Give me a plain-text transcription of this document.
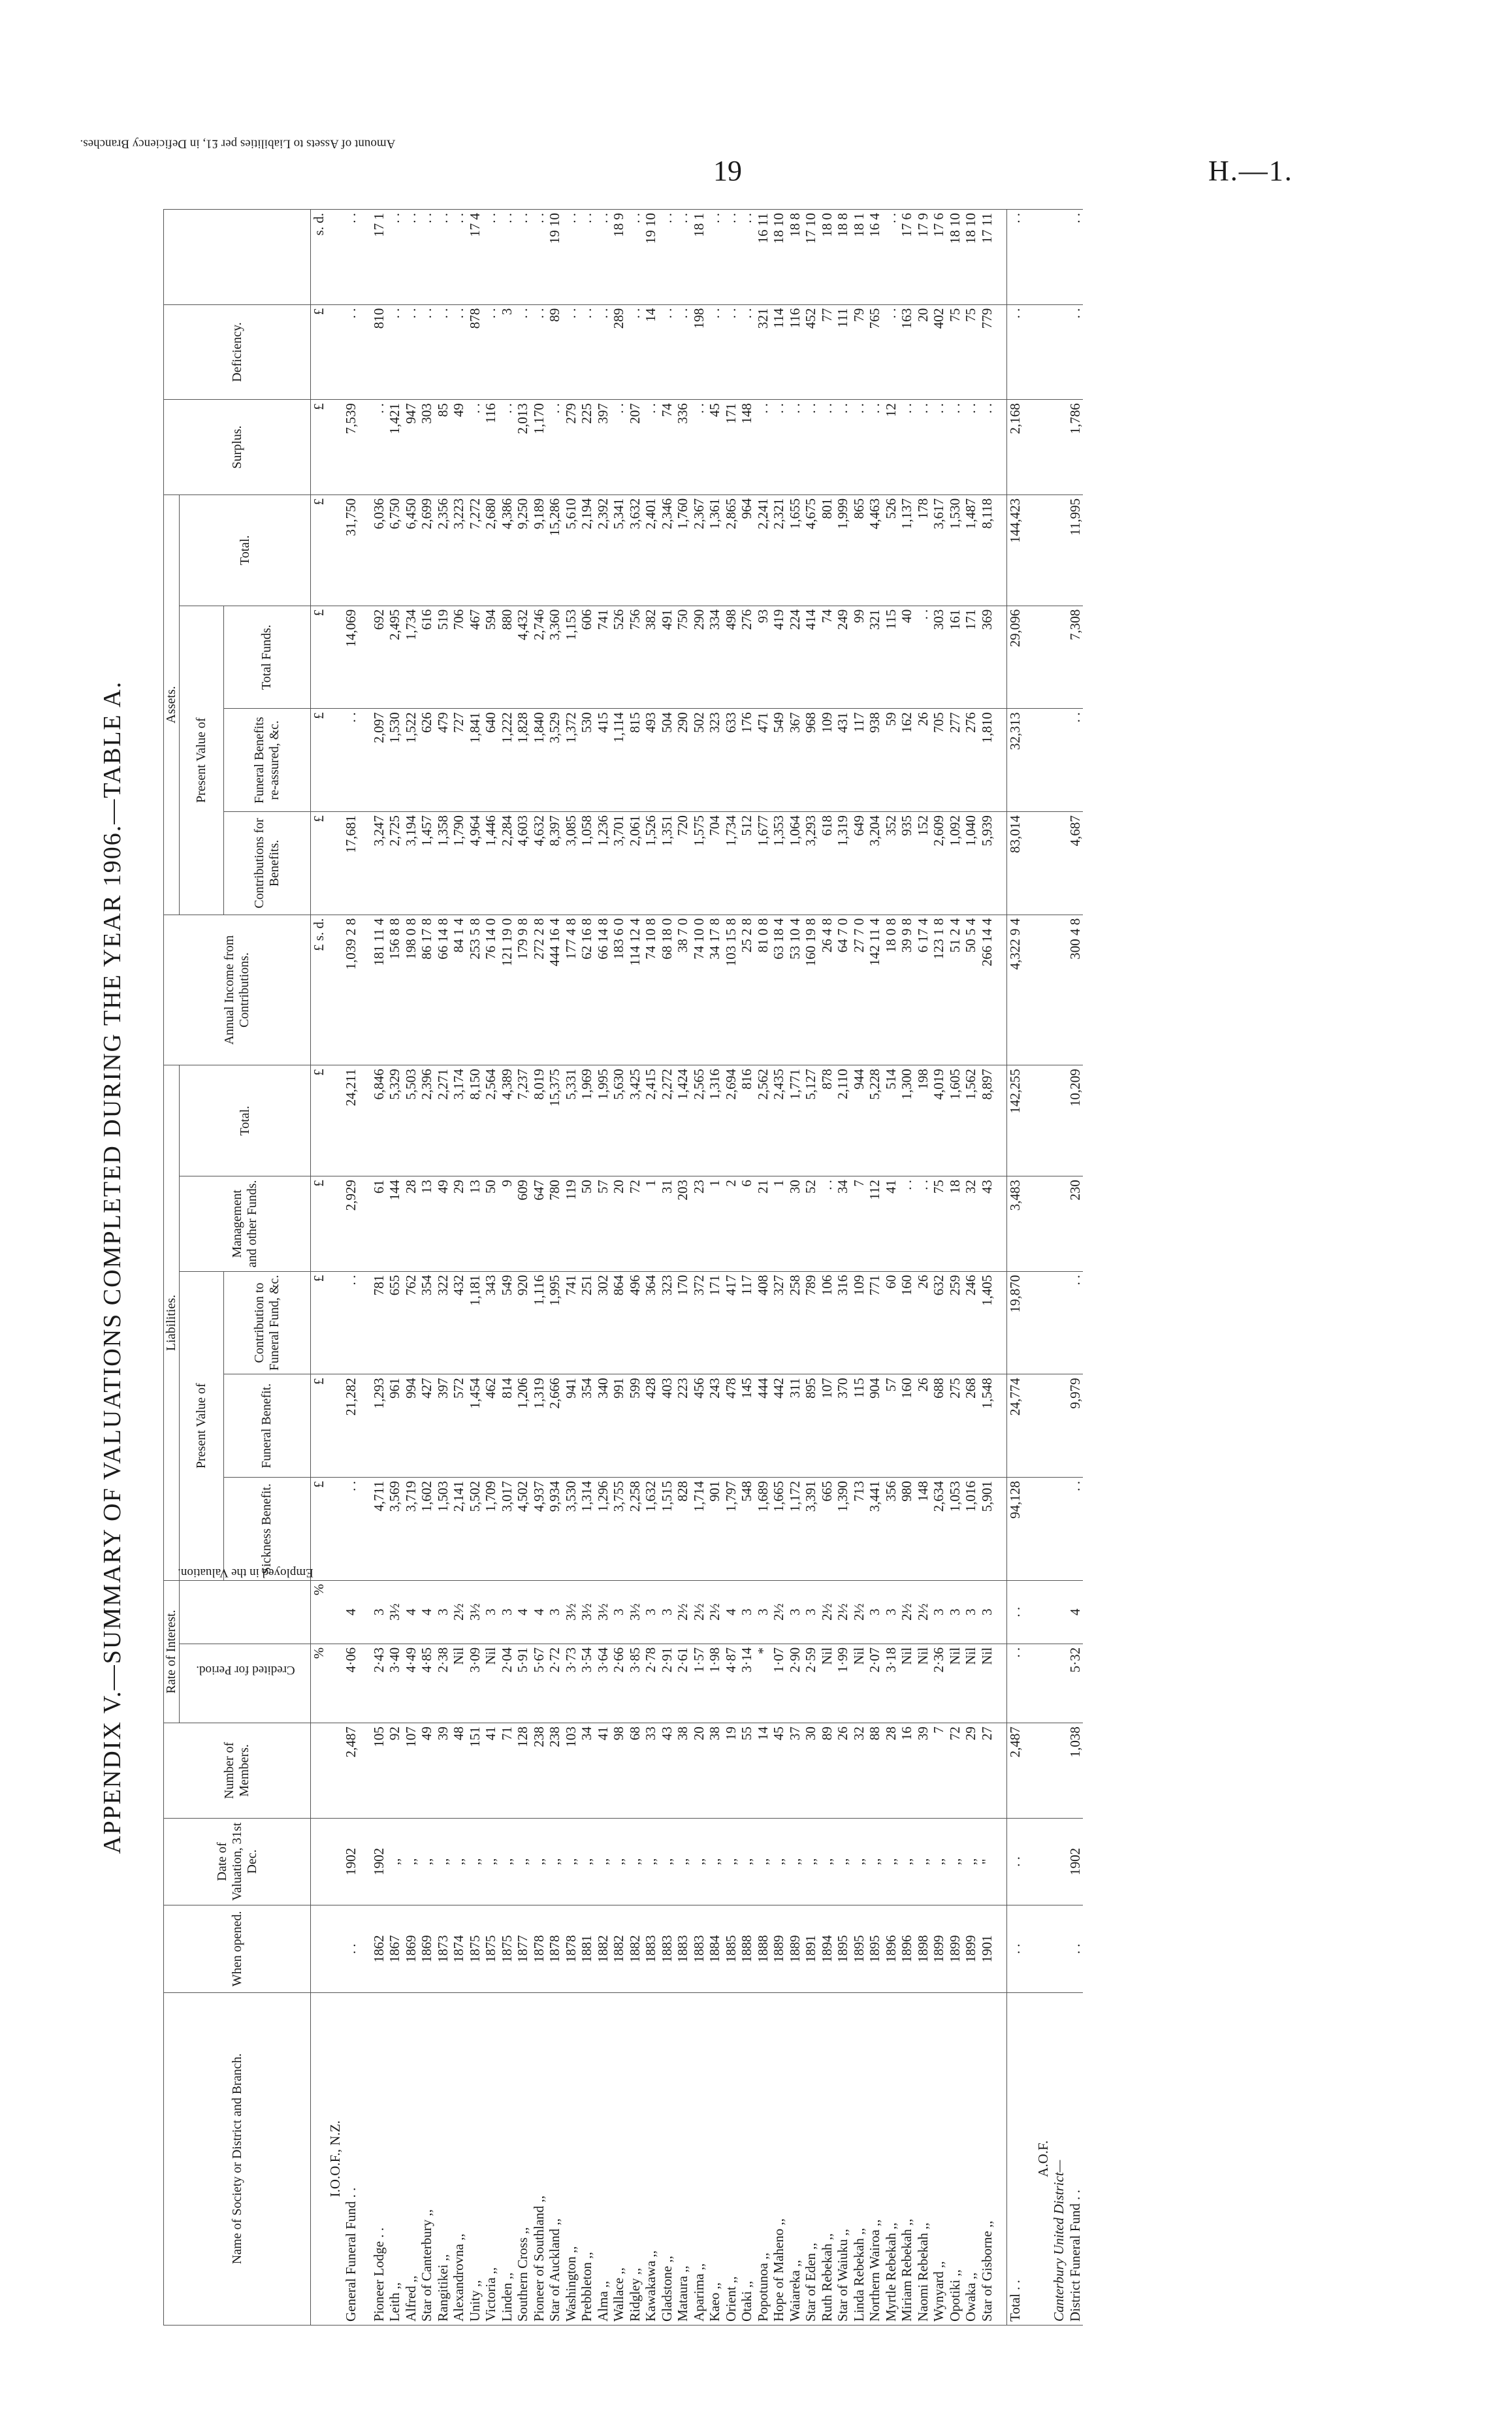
19	H.—1.
APPENDIX V.—SUMMARY OF VALUATIONS COMPLETED DURING THE YEAR 1906.—TABLE A.
Name of Society or District and Branch.	When opened.	Date of Valuation, 31st Dec.	Number of Members.	Rate of Interest.		Liabilities.					Annual Income from Contributions.	Assets.				Surplus.	Deficiency.	Amount of Assets to Liabilities per £1, in Deficiency Branches.
				Credited for Period.	Employed in the Valuation.	Present Value of			Management and other Funds.	Total.		Present Value of			Total.			
						Sickness Benefit.	Funeral Benefit.	Contribution to Funeral Fund, &c.				Contributions for Benefits.	Funeral Benefits re-assured, &c.	Total Funds.				
				%	%	£	£	£	£	£	£ s. d.	£	£	£	£	£	£	s. d.
I.O.O.F., N.Z.																		
General Funeral Fund . .	. .	1902	2,487	4·06	4	. .	21,282	. .	2,929	24,211	1,039 2 8	17,681	. .	14,069	31,750	7,539	. .	. .

Pioneer Lodge . .	1862	1902	105	2·43	3	4,711	1,293	781	61	6,846	181 11 4	3,247	2,097	692	6,036	. .	810	17 1
Leith ,,	1867	,,	92	3·40	3½	3,569	961	655	144	5,329	156 8 8	2,725	1,530	2,495	6,750	1,421	. .	. .
Alfred ,,	1869	,,	107	4·49	4	3,719	994	762	28	5,503	198 0 8	3,194	1,522	1,734	6,450	947	. .	. .
Star of Canterbury ,,	1869	,,	49	4·85	4	1,602	427	354	13	2,396	86 17 8	1,457	626	616	2,699	303	. .	. .
Rangitikei ,,	1873	,,	39	2·38	3	1,503	397	322	49	2,271	66 14 8	1,358	479	519	2,356	85	. .	. .
Alexandrovna ,,	1874	,,	48	Nil	2½	2,141	572	432	29	3,174	84 1 4	1,790	727	706	3,223	49	. .	. .
Unity ,,	1875	,,	151	3·09	3½	5,502	1,454	1,181	13	8,150	253 5 8	4,964	1,841	467	7,272	. .	878	17 4
Victoria ,,	1875	,,	41	Nil	3	1,709	462	343	50	2,564	76 14 0	1,446	640	594	2,680	116	. .	. .
Linden ,,	1875	,,	71	2·04	3	3,017	814	549	9	4,389	121 19 0	2,284	1,222	880	4,386	. .	3	. .
Southern Cross ,,	1877	,,	128	5·91	4	4,502	1,206	920	609	7,237	179 9 8	4,603	1,828	4,432	9,250	2,013	. .	. .
Pioneer of Southland ,,	1878	,,	238	5·67	4	4,937	1,319	1,116	647	8,019	272 2 8	4,632	1,840	2,746	9,189	1,170	. .	. .
Star of Auckland ,,	1878	,,	238	2·72	3	9,934	2,666	1,995	780	15,375	444 16 4	8,397	3,529	3,360	15,286	. .	89	19 10
Washington ,,	1878	,,	103	3·73	3½	3,530	941	741	119	5,331	177 4 8	3,085	1,372	1,153	5,610	279	. .	. .
Prebbleton ,,	1881	,,	34	3·54	3½	1,314	354	251	50	1,969	62 16 8	1,058	530	606	2,194	225	. .	. .
Alma ,,	1882	,,	41	3·64	3½	1,296	340	302	57	1,995	66 14 8	1,236	415	741	2,392	397	. .	. .
Wallace ,,	1882	,,	98	2·66	3	3,755	991	864	20	5,630	183 6 0	3,701	1,114	526	5,341	. .	289	18 9
Ridgley ,,	1882	,,	68	3·85	3½	2,258	599	496	72	3,425	114 12 4	2,061	815	756	3,632	207	. .	. .
Kawakawa ,,	1883	,,	33	2·78	3	1,632	428	364	1	2,415	74 10 8	1,526	493	382	2,401	. .	14	19 10
Gladstone ,,	1883	,,	43	2·91	3	1,515	403	323	31	2,272	68 18 0	1,351	504	491	2,346	74	. .	. .
Mataura ,,	1883	,,	38	2·61	2½	828	223	170	203	1,424	38 7 0	720	290	750	1,760	336	. .	. .
Aparima ,,	1883	,,	20	1·57	2½	1,714	456	372	23	2,565	74 10 0	1,575	502	290	2,367	. .	198	18 1
Kaeo ,,	1884	,,	38	1·98	2½	901	243	171	1	1,316	34 17 8	704	323	334	1,361	45	. .	. .
Orient ,,	1885	,,	19	4·87	4	1,797	478	417	2	2,694	103 15 8	1,734	633	498	2,865	171	. .	. .
Otaki ,,	1888	,,	55	3·14	3	548	145	117	6	816	25 2 8	512	176	276	964	148	. .	. .
Popotunoa ,,	1888	,,	14	*	3	1,689	444	408	21	2,562	81 0 8	1,677	471	93	2,241	. .	321	16 11
Hope of Maheno ,,	1889	,,	45	1·07	2½	1,665	442	327	1	2,435	63 18 4	1,353	549	419	2,321	. .	114	18 10
Waiareka ,,	1889	,,	37	2·90	3	1,172	311	258	30	1,771	53 10 4	1,064	367	224	1,655	. .	116	18 8
Star of Eden ,,	1891	,,	30	2·59	3	3,391	895	789	52	5,127	160 19 8	3,293	968	414	4,675	. .	452	17 10
Ruth Rebekah ,,	1894	,,	89	Nil	2½	665	107	106	. .	878	26 4 8	618	109	74	801	. .	77	18 0
Star of Waiuku ,,	1895	,,	26	1·99	2½	1,390	370	316	34	2,110	64 7 0	1,319	431	249	1,999	. .	111	18 8
Linda Rebekah ,,	1895	,,	32	Nil	2½	713	115	109	7	944	27 7 0	649	117	99	865	. .	79	18 1
Northern Wairoa ,,	1895	,,	88	2·07	3	3,441	904	771	112	5,228	142 11 4	3,204	938	321	4,463	. .	765	16 4
Myrtle Rebekah ,,	1896	,,	28	3·18	3	356	57	60	41	514	18 0 8	352	59	115	526	12	. .	. .
Miriam Rebekah ,,	1896	,,	16	Nil	2½	980	160	160	. .	1,300	39 9 8	935	162	40	1,137	. .	163	17 6
Naomi Rebekah ,,	1898	,,	39	Nil	2½	148	26	26	. .	198	6 17 4	152	26	. .	178	. .	20	17 9
Wynyard ,,	1899	,,	7	2·36	3	2,634	688	632	75	4,019	123 1 8	2,609	705	303	3,617	. .	402	17 6
Opotiki ,,	1899	,,	72	Nil	3	1,053	275	259	18	1,605	51 2 4	1,092	277	161	1,530	. .	75	18 10
Owaka ,,	1899	,,	29	Nil	3	1,016	268	246	32	1,562	50 5 4	1,040	276	171	1,487	. .	75	18 10
Star of Gisborne ,,	1901	"	27	Nil	3	5,901	1,548	1,405	43	8,897	266 14 4	5,939	1,810	369	8,118	. .	779	17 11

Total . .	. .	. .	2,487	. .	. .	94,128	24,774	19,870	3,483	142,255	4,322 9 4	83,014	32,313	29,096	144,423	2,168	. .	. .

A.O.F.																		
Canterbury United District—																		
District Funeral Fund . .	. .	1902	1,038	5·32	4	. .	9,979	. .	230	10,209	300 4 8	4,687	. .	7,308	11,995	1,786	. .	. .
